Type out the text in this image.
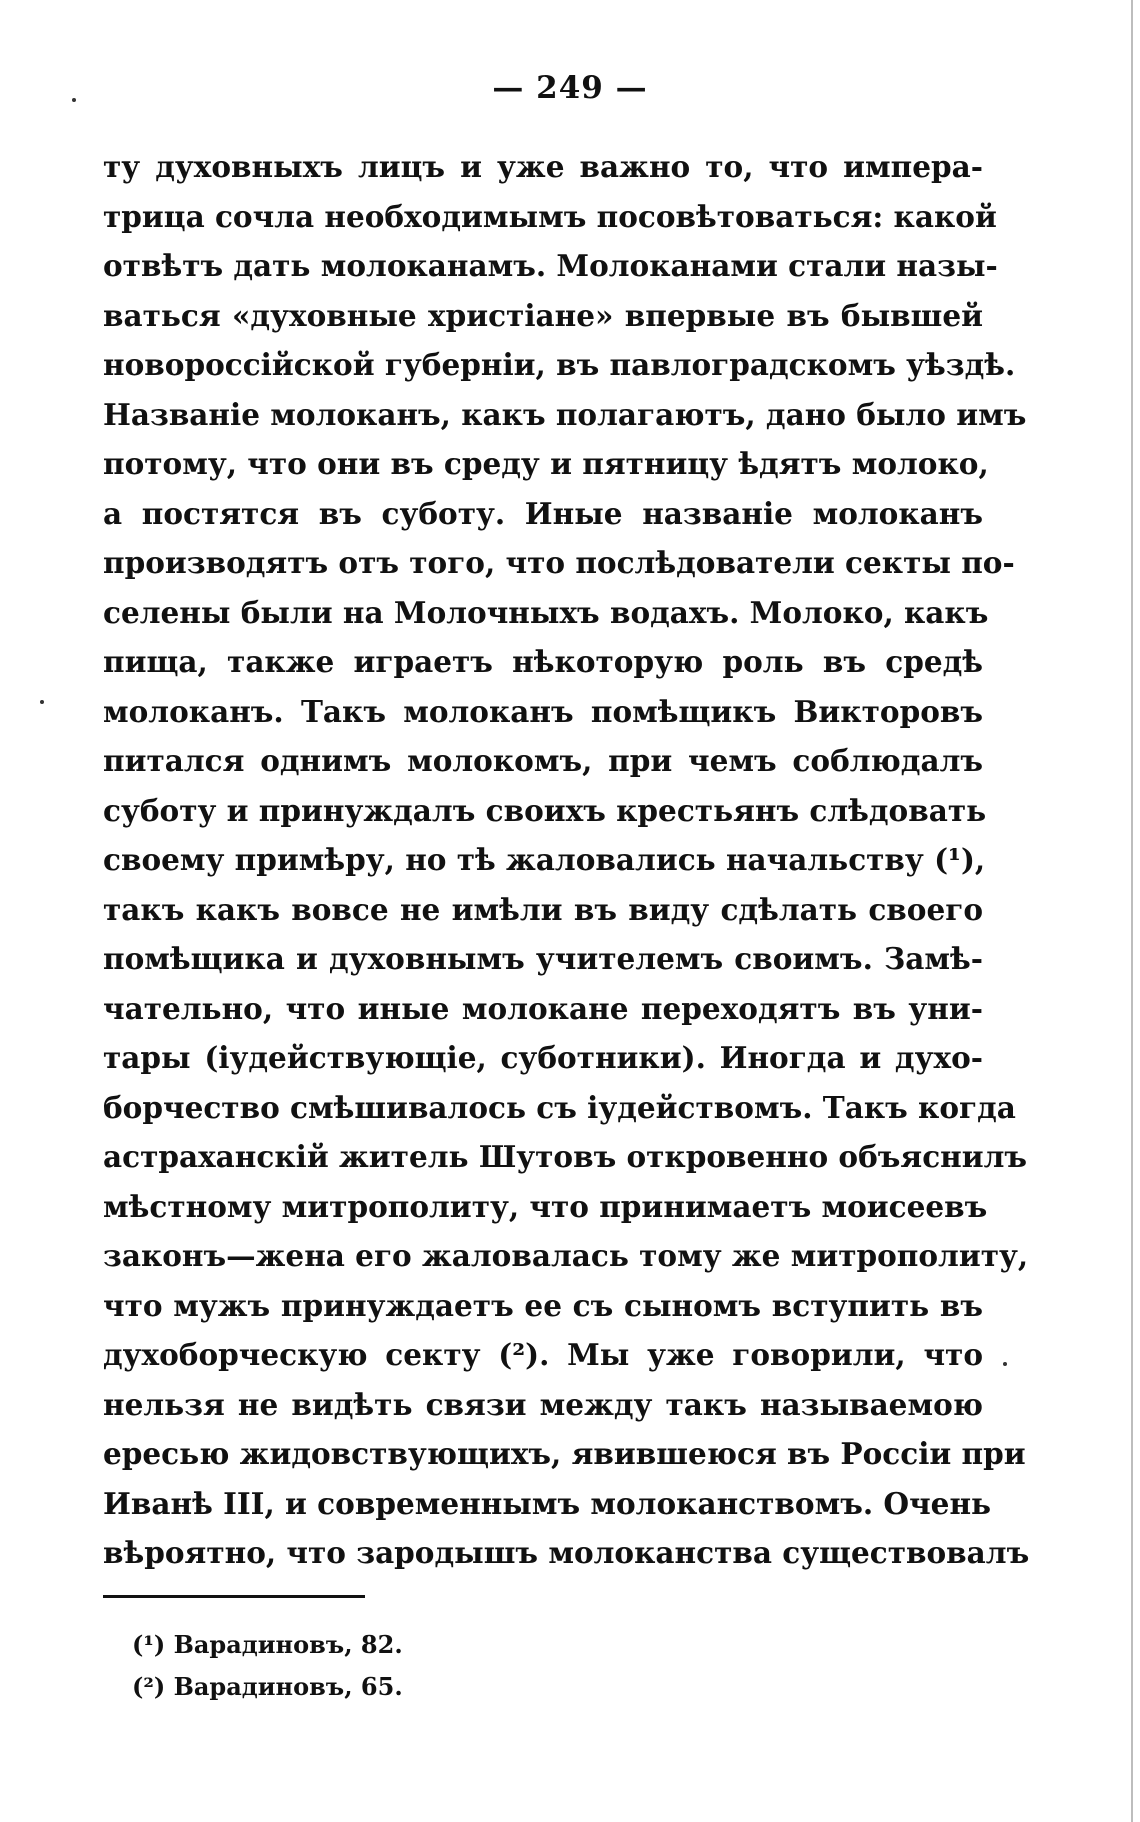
— 249 —
ту духовныхъ лицъ и уже важно то, что импера-
трица сочла необходимымъ посовѣтоваться: какой
отвѣтъ дать молоканамъ. Молоканами стали назы-
ваться «духовные христіане» впервые въ бывшей
новороссійской губерніи, въ павлоградскомъ уѣздѣ.
Названіе молоканъ, какъ полагаютъ, дано было имъ
потому, что они въ среду и пятницу ѣдятъ молоко,
а постятся въ суботу. Иные названіе молоканъ
производятъ отъ того, что послѣдователи секты по-
селены были на Молочныхъ водахъ. Молоко, какъ
пища, также играетъ нѣкоторую роль въ средѣ
молоканъ. Такъ молоканъ помѣщикъ Викторовъ
питался однимъ молокомъ, при чемъ соблюдалъ
суботу и принуждалъ своихъ крестьянъ слѣдовать
своему примѣру, но тѣ жаловались начальству (¹),
такъ какъ вовсе не имѣли въ виду сдѣлать своего
помѣщика и духовнымъ учителемъ своимъ. Замѣ-
чательно, что иные молокане переходятъ въ уни-
тары (іудействующіе, суботники). Иногда и духо-
борчество смѣшивалось съ іудействомъ. Такъ когда
астраханскій житель Шутовъ откровенно объяснилъ
мѣстному митрополиту, что принимаетъ моисеевъ
законъ—жена его жаловалась тому же митрополиту,
что мужъ принуждаетъ ее съ сыномъ вступить въ
духоборческую секту (²). Мы уже говорили, что
нельзя не видѣть связи между такъ называемою
ересью жидовствующихъ, явившеюся въ Россіи при
Иванѣ III, и современнымъ молоканствомъ. Очень
вѣроятно, что зародышъ молоканства существовалъ
(¹) Варадиновъ, 82.
(²) Варадиновъ, 65.
